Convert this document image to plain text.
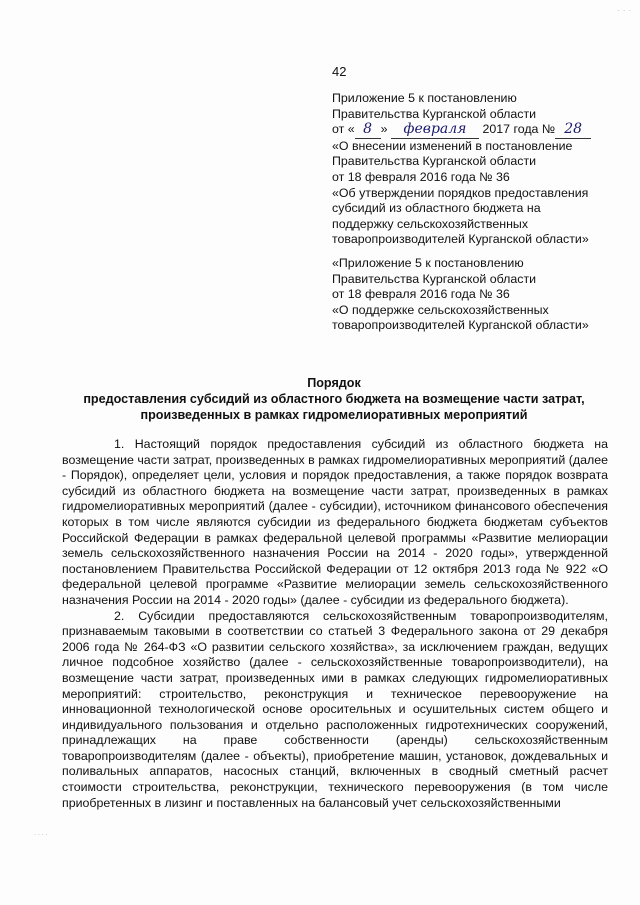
. . .
42
Приложение 5 к постановлению
Правительства Курганской области
от « 8 » февраля 2017 года № 28
«О внесении изменений в постановление
Правительства Курганской области
от 18 февраля 2016 года № 36
«Об утверждении порядков предоставления
субсидий из областного бюджета на
поддержку сельскохозяйственных
товаропроизводителей Курганской области»
«Приложение 5 к постановлению
Правительства Курганской области
от 18 февраля 2016 года № 36
«О поддержке сельскохозяйственных
товаропроизводителей Курганской области»
Порядок
предоставления субсидий из областного бюджета на возмещение части затрат,
произведенных в рамках гидромелиоративных мероприятий

1. Настоящий порядок предоставления субсидий из областного бюджета на возмещение части затрат, произведенных в рамках гидромелиоративных мероприятий (далее - Порядок), определяет цели, условия и порядок предоставления, а также порядок возврата субсидий из областного бюджета на возмещение части затрат, произведенных в рамках гидромелиоративных мероприятий (далее - субсидии), источником финансового обеспечения которых в том числе являются субсидии из федерального бюджета бюджетам субъектов Российской Федерации в рамках федеральной целевой программы «Развитие мелиорации земель сельскохозяйственного назначения России на 2014 - 2020 годы», утвержденной постановлением Правительства Российской Федерации от 12 октября 2013 года № 922 «О федеральной целевой программе «Развитие мелиорации земель сельскохозяйственного назначения России на 2014 - 2020 годы» (далее - субсидии из федерального бюджета).

2. Субсидии предоставляются сельскохозяйственным товаропроизводителям, признаваемым таковыми в соответствии со статьей 3 Федерального закона от 29 декабря 2006 года № 264-ФЗ «О развитии сельского хозяйства», за исключением граждан, ведущих личное подсобное хозяйство (далее - сельскохозяйственные товаропроизводители), на возмещение части затрат, произведенных ими в рамках следующих гидромелиоративных мероприятий: строительство, реконструкция и техническое перевооружение на инновационной технологической основе оросительных и осушительных систем общего и индивидуального пользования и отдельно расположенных гидротехнических сооружений, принадлежащих на праве собственности (аренды) сельскохозяйственным товаропроизводителям (далее - объекты), приобретение машин, установок, дождевальных и поливальных аппаратов, насосных станций, включенных в сводный сметный расчет стоимости строительства, реконструкции, технического перевооружения (в том числе приобретенных в лизинг и поставленных на балансовый учет сельскохозяйственными

. . . .
